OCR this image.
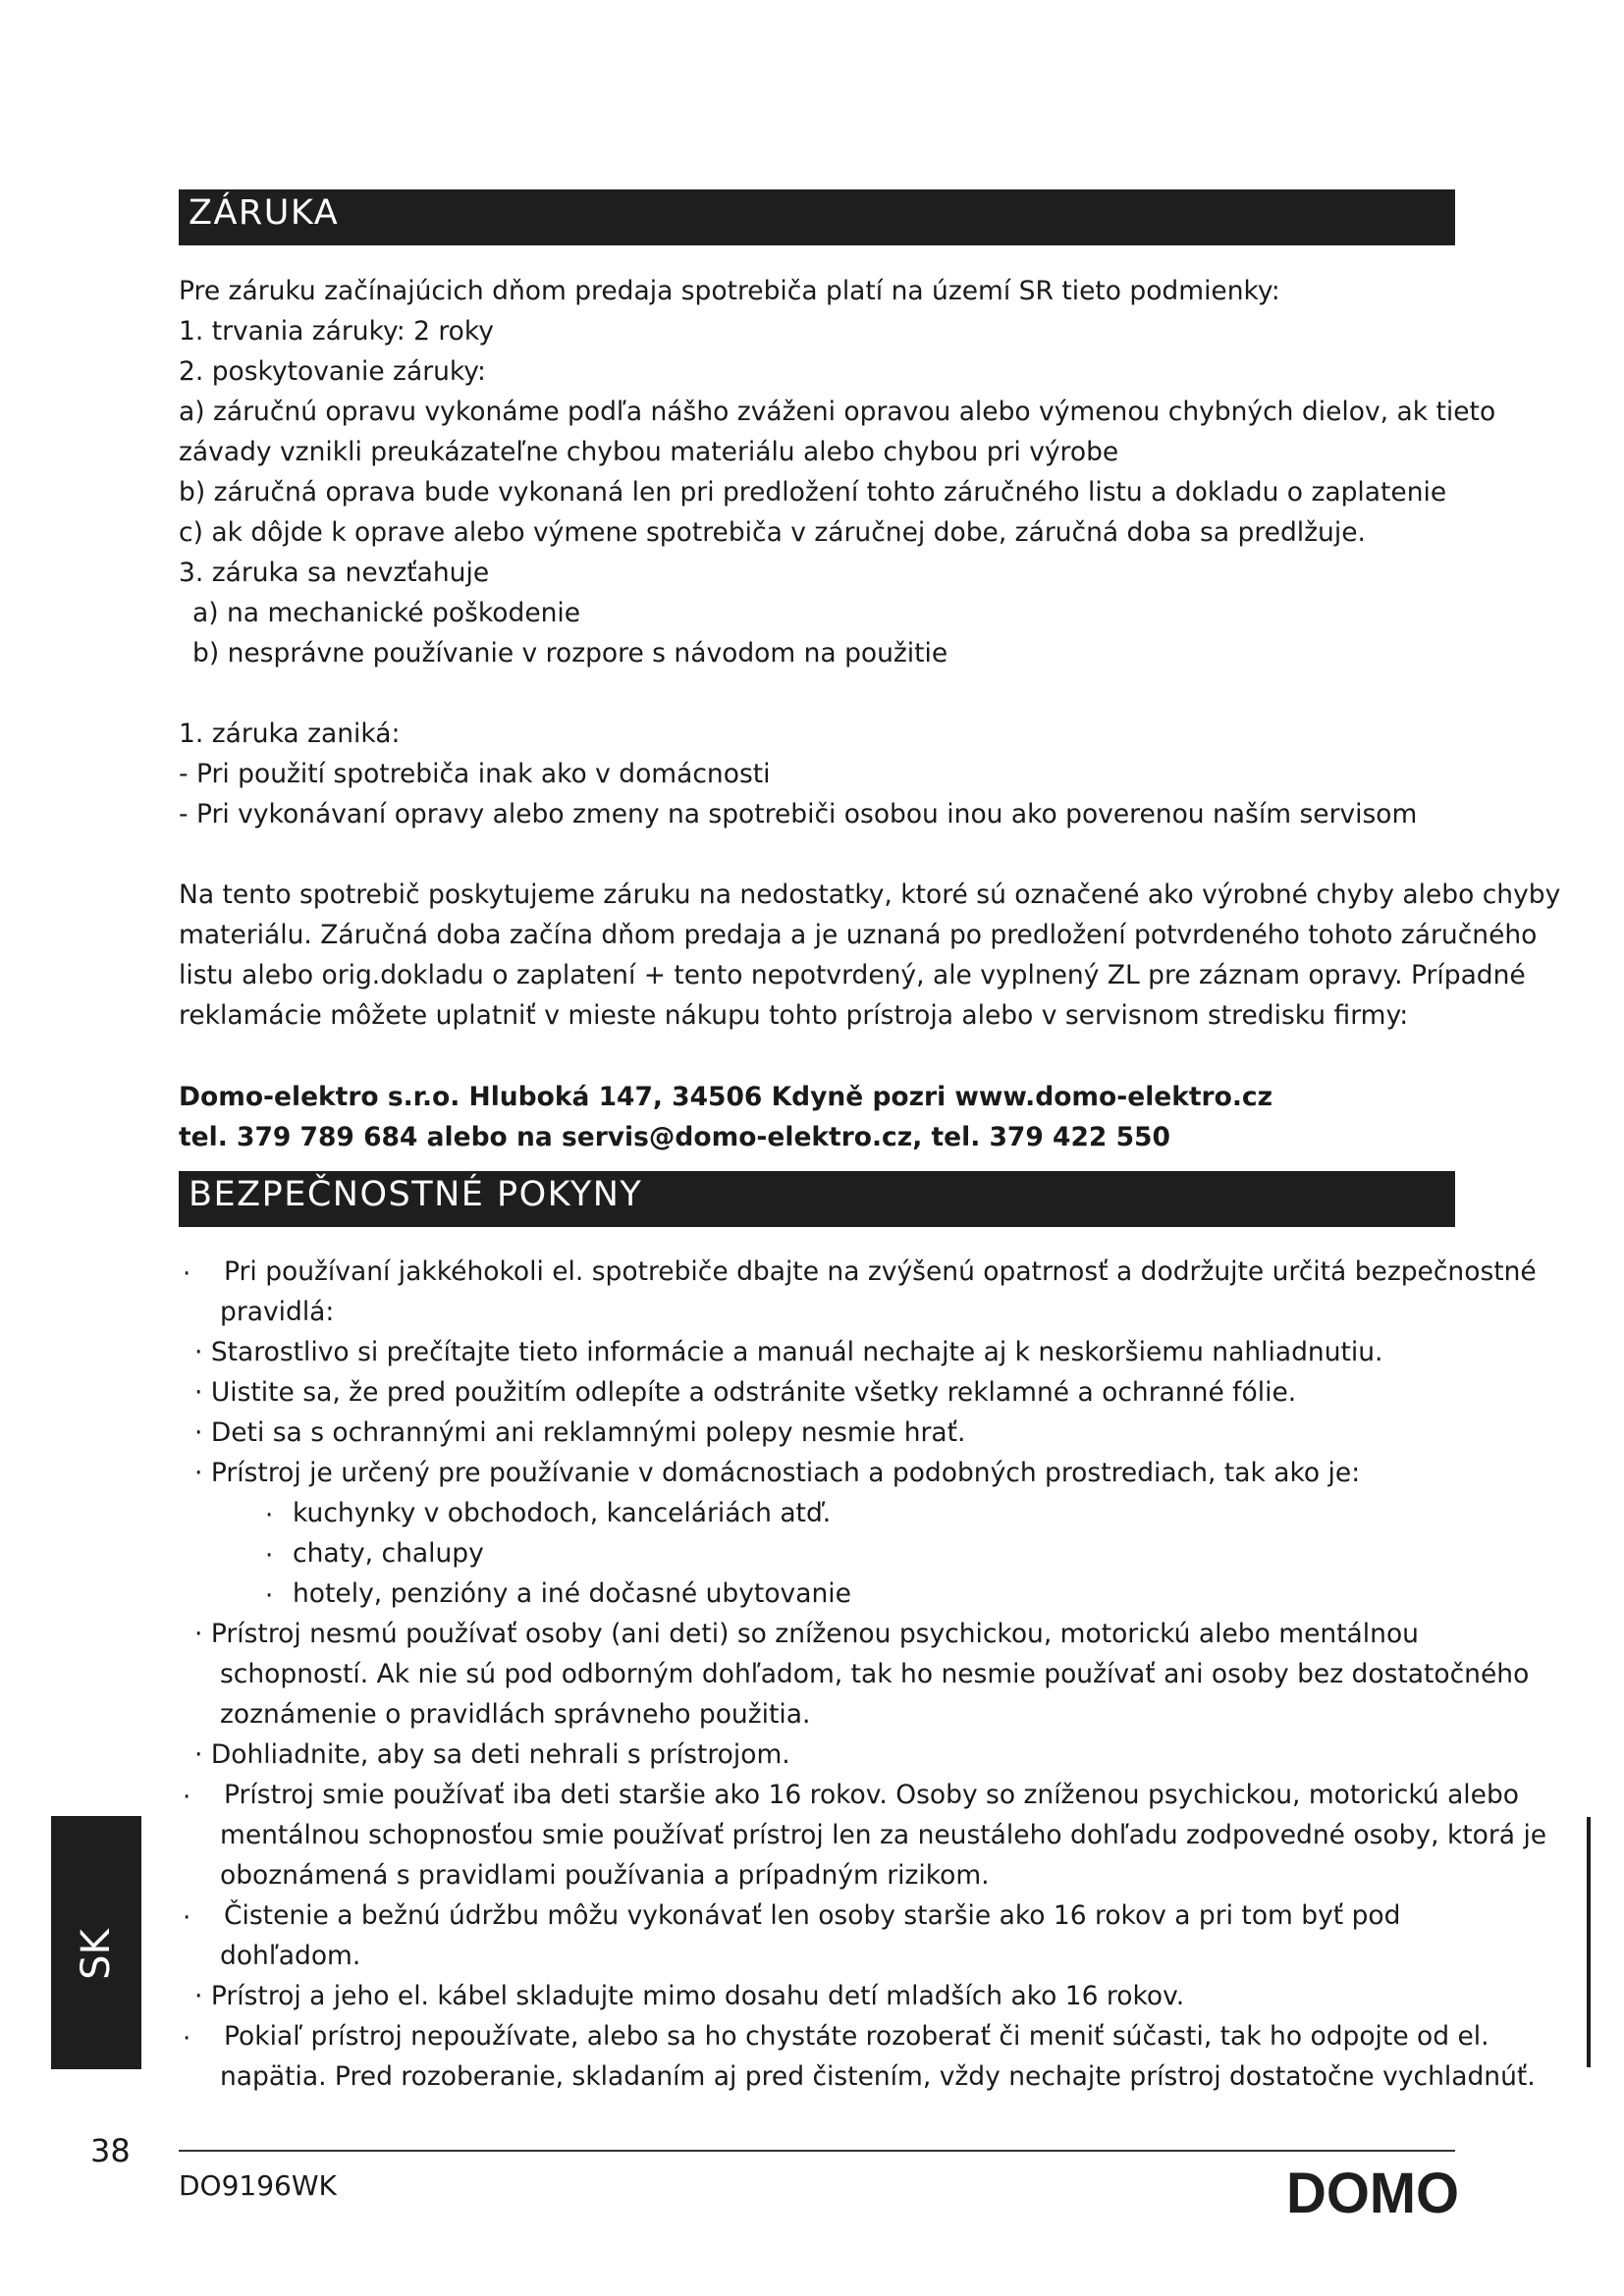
ZÁRUKA
Pre záruku začínajúcich dňom predaja spotrebiča platí na území SR tieto podmienky:
1. trvania záruky: 2 roky
2. poskytovanie záruky:
a) záručnú opravu vykonáme podľa nášho zváženi opravou alebo výmenou chybných dielov, ak tieto
závady vznikli preukázateľne chybou materiálu alebo chybou pri výrobe
b) záručná oprava bude vykonaná len pri predložení tohto záručného listu a dokladu o zaplatenie
c) ak dôjde k oprave alebo výmene spotrebiča v záručnej dobe, záručná doba sa predlžuje.
3. záruka sa nevzťahuje
a) na mechanické poškodenie
b) nesprávne používanie v rozpore s návodom na použitie
1. záruka zaniká:
- Pri použití spotrebiča inak ako v domácnosti
- Pri vykonávaní opravy alebo zmeny na spotrebiči osobou inou ako poverenou naším servisom
Na tento spotrebič poskytujeme záruku na nedostatky, ktoré sú označené ako výrobné chyby alebo chyby
materiálu. Záručná doba začína dňom predaja a je uznaná po predložení potvrdeného tohoto záručného
listu alebo orig.dokladu o zaplatení + tento nepotvrdený, ale vyplnený ZL pre záznam opravy. Prípadné
reklamácie môžete uplatniť v mieste nákupu tohto prístroja alebo v servisnom stredisku firmy:
Domo-elektro s.r.o. Hluboká 147, 34506 Kdyně pozri www.domo-elektro.cz
tel. 379 789 684 alebo na servis@domo-elektro.cz, tel. 379 422 550
BEZPEČNOSTNÉ POKYNY
· Pri používaní jakkéhokoli el. spotrebiče dbajte na zvýšenú opatrnosť a dodržujte určitá bezpečnostné
pravidlá:
· Starostlivo si prečítajte tieto informácie a manuál nechajte aj k neskoršiemu nahliadnutiu.
· Uistite sa, že pred použitím odlepíte a odstránite všetky reklamné a ochranné fólie.
· Deti sa s ochrannými ani reklamnými polepy nesmie hrať.
· Prístroj je určený pre používanie v domácnostiach a podobných prostrediach, tak ako je:
· kuchynky v obchodoch, kanceláriách atď.
· chaty, chalupy
· hotely, penzióny a iné dočasné ubytovanie
· Prístroj nesmú používať osoby (ani deti) so zníženou psychickou, motorickú alebo mentálnou
schopností. Ak nie sú pod odborným dohľadom, tak ho nesmie používať ani osoby bez dostatočného
zoznámenie o pravidlách správneho použitia.
· Dohliadnite, aby sa deti nehrali s prístrojom.
· Prístroj smie používať iba deti staršie ako 16 rokov. Osoby so zníženou psychickou, motorickú alebo
mentálnou schopnosťou smie používať prístroj len za neustáleho dohľadu zodpovedné osoby, ktorá je
oboznámená s pravidlami používania a prípadným rizikom.
· Čistenie a bežnú údržbu môžu vykonávať len osoby staršie ako 16 rokov a pri tom byť pod
dohľadom.
· Prístroj a jeho el. kábel skladujte mimo dosahu detí mladších ako 16 rokov.
· Pokiaľ prístroj nepoužívate, alebo sa ho chystáte rozoberať či meniť súčasti, tak ho odpojte od el.
napätia. Pred rozoberanie, skladaním aj pred čistením, vždy nechajte prístroj dostatočne vychladnúť.
SK
38
DO9196WK	DOMO
